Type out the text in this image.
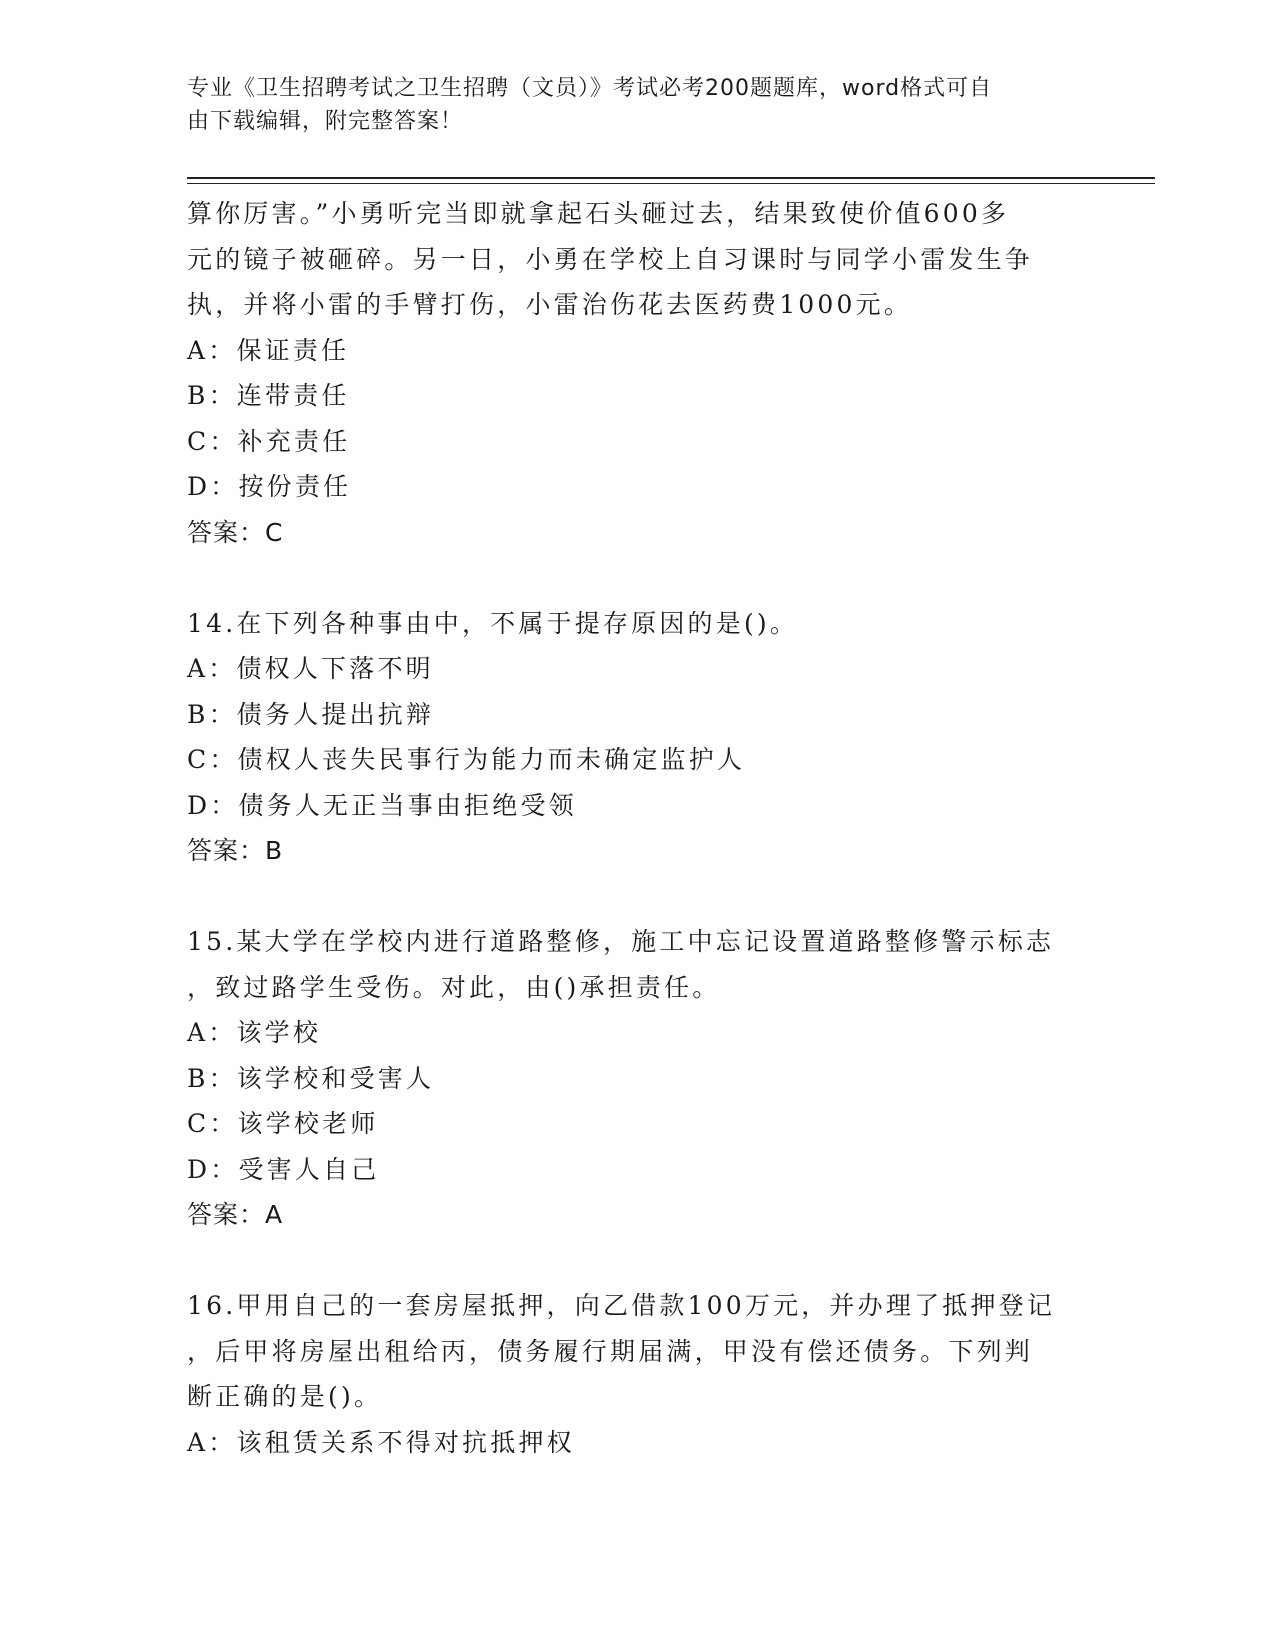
专业《卫生招聘考试之卫生招聘（文员）》考试必考200题题库，word格式可自
由下载编辑，附完整答案！
算你厉害。”小勇听完当即就拿起石头砸过去，结果致使价值600多
元的镜子被砸碎。另一日，小勇在学校上自习课时与同学小雷发生争
执，并将小雷的手臂打伤，小雷治伤花去医药费1000元。
A：保证责任
B：连带责任
C：补充责任
D：按份责任
答案：C
14.在下列各种事由中，不属于提存原因的是()。
A：债权人下落不明
B：债务人提出抗辩
C：债权人丧失民事行为能力而未确定监护人
D：债务人无正当事由拒绝受领
答案：B
15.某大学在学校内进行道路整修，施工中忘记设置道路整修警示标志
，致过路学生受伤。对此，由()承担责任。
A：该学校
B：该学校和受害人
C：该学校老师
D：受害人自己
答案：A
16.甲用自己的一套房屋抵押，向乙借款100万元，并办理了抵押登记
，后甲将房屋出租给丙，债务履行期届满，甲没有偿还债务。下列判
断正确的是()。
A：该租赁关系不得对抗抵押权
